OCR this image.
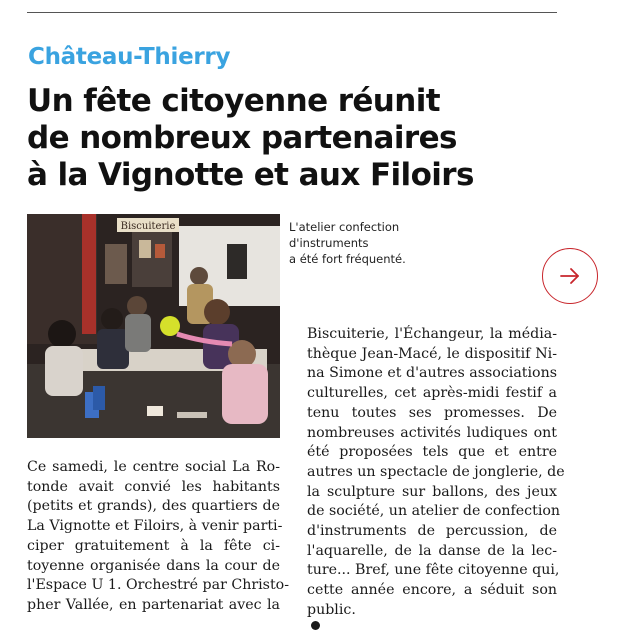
Château-Thierry
Un fête citoyenne réunit
de nombreux partenaires
à la Vignotte et aux Filoirs
Biscuiterie	L'atelier confection
d'instruments
a été fort fréquenté.
Ce samedi, le centre social La Ro-
tonde avait convié les habitants
(petits et grands), des quartiers de
La Vignotte et Filoirs, à venir parti-
ciper gratuitement à la fête ci-
toyenne organisée dans la cour de
l'Espace U 1. Orchestré par Christo-
pher Vallée, en partenariat avec la
Biscuiterie, l'Échangeur, la média-
thèque Jean-Macé, le dispositif Ni-
na Simone et d'autres associations
culturelles, cet après-midi festif a
tenu toutes ses promesses. De
nombreuses activités ludiques ont
été proposées tels que et entre
autres un spectacle de jonglerie, de
la sculpture sur ballons, des jeux
de société, un atelier de confection
d'instruments de percussion, de
l'aquarelle, de la danse de la lec-
ture... Bref, une fête citoyenne qui,
cette année encore, a séduit son
public.
